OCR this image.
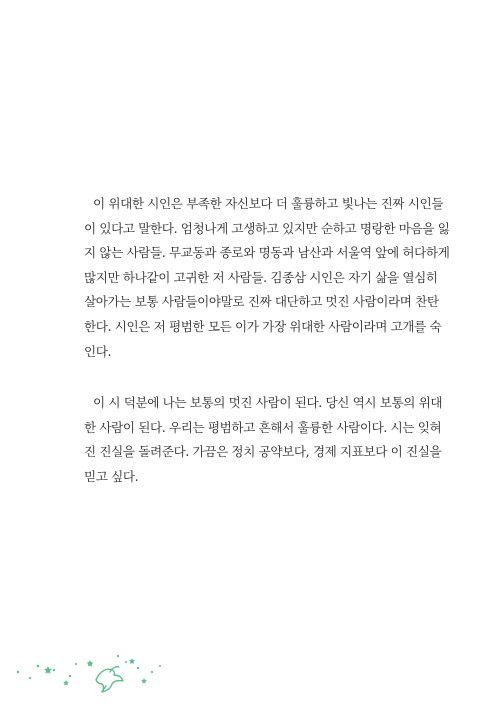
이 위대한 시인은 부족한 자신보다 더 훌륭하고 빛나는 진짜 시인들
이 있다고 말한다. 엄청나게 고생하고 있지만 순하고 명랑한 마음을 잃
지 않는 사람들. 무교동과 종로와 명동과 남산과 서울역 앞에 허다하게
많지만 하나같이 고귀한 저 사람들. 김종삼 시인은 자기 삶을 열심히
살아가는 보통 사람들이야말로 진짜 대단하고 멋진 사람이라며 찬탄
한다. 시인은 저 평범한 모든 이가 가장 위대한 사람이라며 고개를 숙
인다.
이 시 덕분에 나는 보통의 멋진 사람이 된다. 당신 역시 보통의 위대
한 사람이 된다. 우리는 평범하고 흔해서 훌륭한 사람이다. 시는 잊혀
진 진실을 돌려준다. 가끔은 정치 공약보다, 경제 지표보다 이 진실을
믿고 싶다.
